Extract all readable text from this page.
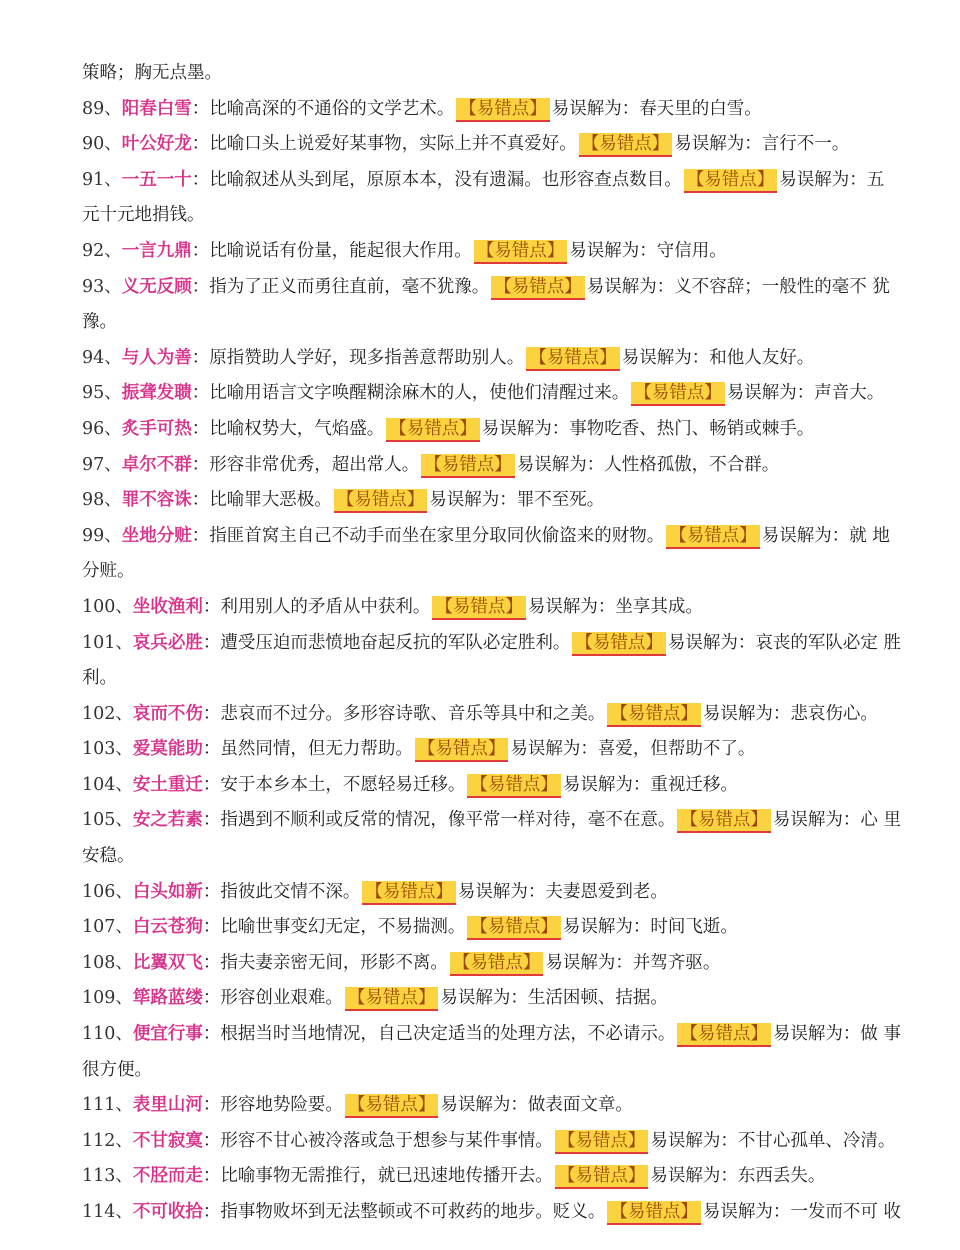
策略；胸无点墨。
89、阳春白雪：比喻高深的不通俗的文学艺术。 【易错点】 易误解为：春天里的白雪。
90、叶公好龙：比喻口头上说爱好某事物，实际上并不真爱好。 【易错点】 易误解为：言行不一。
91、一五一十：比喻叙述从头到尾，原原本本，没有遗漏。也形容查点数目。 【易错点】 易误解为：五
元十元地捐钱。
92、一言九鼎：比喻说话有份量，能起很大作用。 【易错点】 易误解为：守信用。
93、义无反顾：指为了正义而勇往直前，毫不犹豫。 【易错点】 易误解为：义不容辞；一般性的毫不 犹
豫。
94、与人为善：原指赞助人学好，现多指善意帮助别人。 【易错点】 易误解为：和他人友好。
95、振聋发聩：比喻用语言文字唤醒糊涂麻木的人，使他们清醒过来。 【易错点】 易误解为：声音大。
96、炙手可热：比喻权势大，气焰盛。 【易错点】 易误解为：事物吃香、热门、畅销或棘手。
97、卓尔不群：形容非常优秀，超出常人。 【易错点】 易误解为：人性格孤傲，不合群。
98、罪不容诛：比喻罪大恶极。 【易错点】 易误解为：罪不至死。
99、坐地分赃：指匪首窝主自己不动手而坐在家里分取同伙偷盗来的财物。 【易错点】 易误解为：就 地
分赃。
100、坐收渔利：利用别人的矛盾从中获利。 【易错点】 易误解为：坐享其成。
101、哀兵必胜：遭受压迫而悲愤地奋起反抗的军队必定胜利。 【易错点】 易误解为：哀丧的军队必定 胜
利。
102、哀而不伤：悲哀而不过分。多形容诗歌、音乐等具中和之美。 【易错点】 易误解为：悲哀伤心。
103、爱莫能助：虽然同情，但无力帮助。 【易错点】 易误解为：喜爱，但帮助不了。
104、安土重迁：安于本乡本土，不愿轻易迁移。 【易错点】 易误解为：重视迁移。
105、安之若素：指遇到不顺利或反常的情况，像平常一样对待，毫不在意。 【易错点】 易误解为：心 里
安稳。
106、白头如新：指彼此交情不深。 【易错点】 易误解为：夫妻恩爱到老。
107、白云苍狗：比喻世事变幻无定，不易揣测。 【易错点】 易误解为：时间飞逝。
108、比翼双飞：指夫妻亲密无间，形影不离。 【易错点】 易误解为：并驾齐驱。
109、筚路蓝缕：形容创业艰难。 【易错点】 易误解为：生活困顿、拮据。
110、便宜行事：根据当时当地情况，自己决定适当的处理方法，不必请示。 【易错点】 易误解为：做 事
很方便。
111、表里山河：形容地势险要。 【易错点】 易误解为：做表面文章。
112、不甘寂寞：形容不甘心被冷落或急于想参与某件事情。 【易错点】 易误解为：不甘心孤单、冷清。
113、不胫而走：比喻事物无需推行，就已迅速地传播开去。 【易错点】 易误解为：东西丢失。
114、不可收拾：指事物败坏到无法整顿或不可救药的地步。贬义。 【易错点】 易误解为：一发而不可 收
